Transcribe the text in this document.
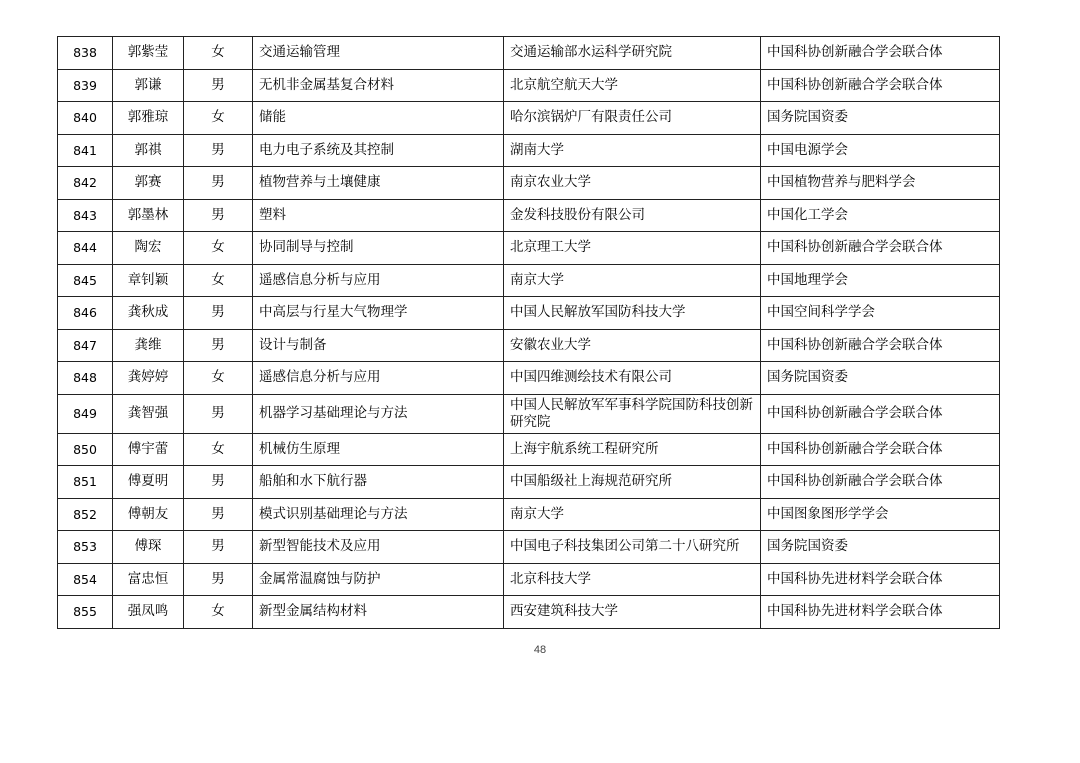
838	郭紫莹	女	交通运输管理	交通运输部水运科学研究院	中国科协创新融合学会联合体
839	郭谦	男	无机非金属基复合材料	北京航空航天大学	中国科协创新融合学会联合体
840	郭雅琼	女	储能	哈尔滨锅炉厂有限责任公司	国务院国资委
841	郭祺	男	电力电子系统及其控制	湖南大学	中国电源学会
842	郭赛	男	植物营养与土壤健康	南京农业大学	中国植物营养与肥料学会
843	郭墨林	男	塑料	金发科技股份有限公司	中国化工学会
844	陶宏	女	协同制导与控制	北京理工大学	中国科协创新融合学会联合体
845	章钊颖	女	遥感信息分析与应用	南京大学	中国地理学会
846	龚秋成	男	中高层与行星大气物理学	中国人民解放军国防科技大学	中国空间科学学会
847	龚维	男	设计与制备	安徽农业大学	中国科协创新融合学会联合体
848	龚婷婷	女	遥感信息分析与应用	中国四维测绘技术有限公司	国务院国资委
849	龚智强	男	机器学习基础理论与方法	中国人民解放军军事科学院国防科技创新研究院	中国科协创新融合学会联合体
850	傅宇蕾	女	机械仿生原理	上海宇航系统工程研究所	中国科协创新融合学会联合体
851	傅夏明	男	船舶和水下航行器	中国船级社上海规范研究所	中国科协创新融合学会联合体
852	傅朝友	男	模式识别基础理论与方法	南京大学	中国图象图形学学会
853	傅琛	男	新型智能技术及应用	中国电子科技集团公司第二十八研究所	国务院国资委
854	富忠恒	男	金属常温腐蚀与防护	北京科技大学	中国科协先进材料学会联合体
855	强凤鸣	女	新型金属结构材料	西安建筑科技大学	中国科协先进材料学会联合体
48
